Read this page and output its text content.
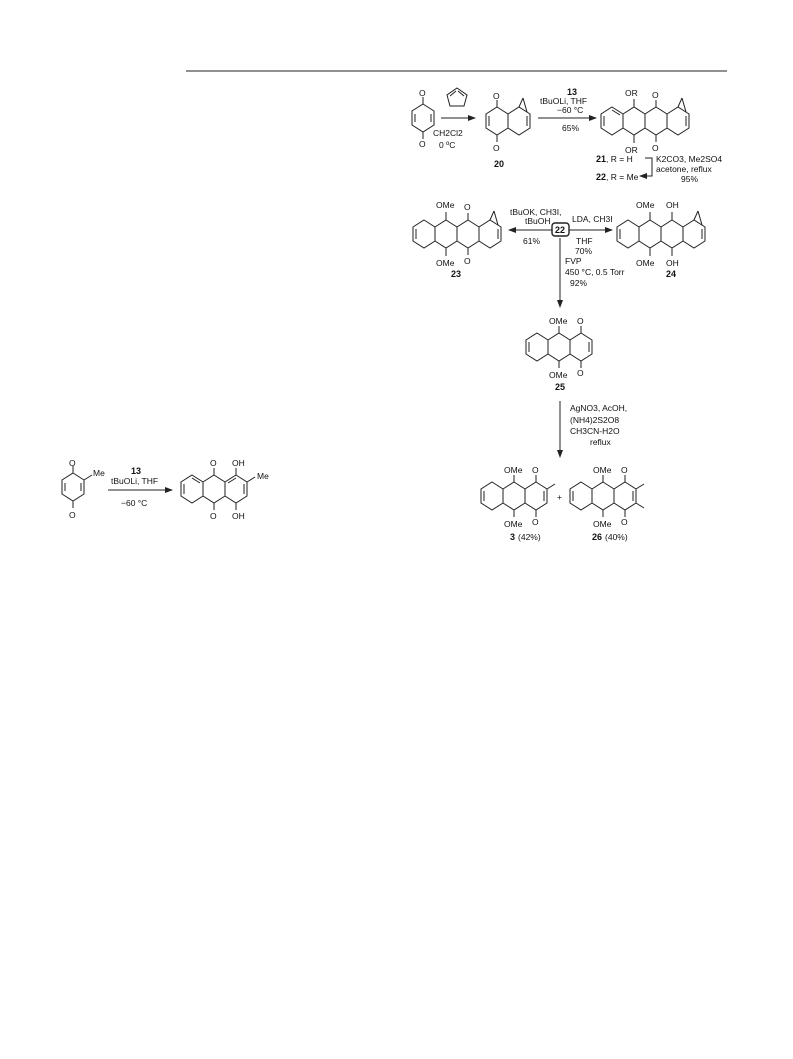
O
O
CH2Cl2
0 ºC
O
O
20
13
tBuOLi, THF
−60 °C
65%
OR O
OR O
21, R = H
22, R = Me
K2CO3, Me2SO4
acetone, reflux
95%
OMe O
OMe O
23
tBuOK, CH3I,
tBuOH
61%
22
LDA, CH3I
THF
70%
OMe OH
OMe OH
24
FVP
450 °C, 0.5 Torr
92%
OMe O
OMe O
25
AgNO3, AcOH,
(NH4)2S2O8
CH3CN-H2O
reflux
OMe O
OMe O
3 (42%)
+
OMe O
OMe O
26 (40%)
O
O
Me	13
tBuOLi, THF
−60 °C
O
O
OH
OH
Me
